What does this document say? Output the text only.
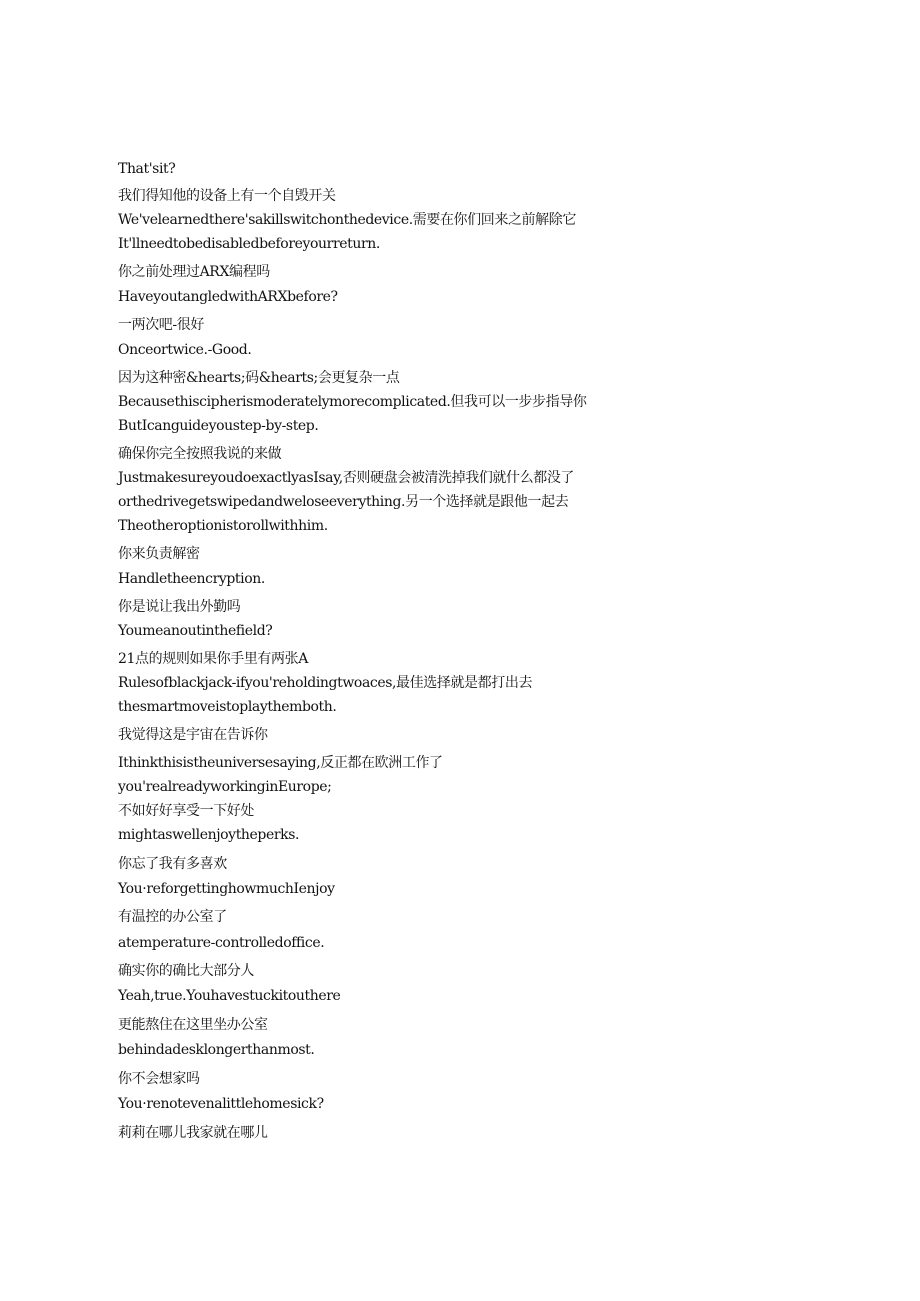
That'sit?
我们得知他的设备上有一个自毁开关
We'velearnedthere'sakillswitchonthedevice.需要在你们回来之前解除它
It'llneedtobedisabledbeforeyourreturn.
你之前处理过ARX编程吗
HaveyoutangledwithARXbefore?
一两次吧-很好
Onceortwice.-Good.
因为这种密&hearts;码&hearts;会更复杂一点
Becausethiscipherismoderatelymorecomplicated.但我可以一步步指导你
ButIcanguideyoustep-by-step.
确保你完全按照我说的来做
JustmakesureyoudoexactlyasIsay,否则硬盘会被清洗掉我们就什么都没了
orthedrivegetswipedandweloseeverything.另一个选择就是跟他一起去
Theotheroptionistorollwithhim.
你来负责解密
Handletheencryption.
你是说让我出外勤吗
Youmeanoutinthefield?
21点的规则如果你手里有两张A
Rulesofblackjack-ifyou'reholdingtwoaces,最佳选择就是都打出去
thesmartmoveistoplaythemboth.
我觉得这是宇宙在告诉你
Ithinkthisistheuniversesaying,反正都在欧洲工作了
you'realreadyworkinginEurope;
不如好好享受一下好处
mightaswellenjoytheperks.
你忘了我有多喜欢
You·reforgettinghowmuchIenjoy
有温控的办公室了
atemperature-controlledoffice.
确实你的确比大部分人
Yeah,true.Youhavestuckitouthere
更能熬住在这里坐办公室
behindadesklongerthanmost.
你不会想家吗
You·renotevenalittlehomesick?
莉莉在哪儿我家就在哪儿
